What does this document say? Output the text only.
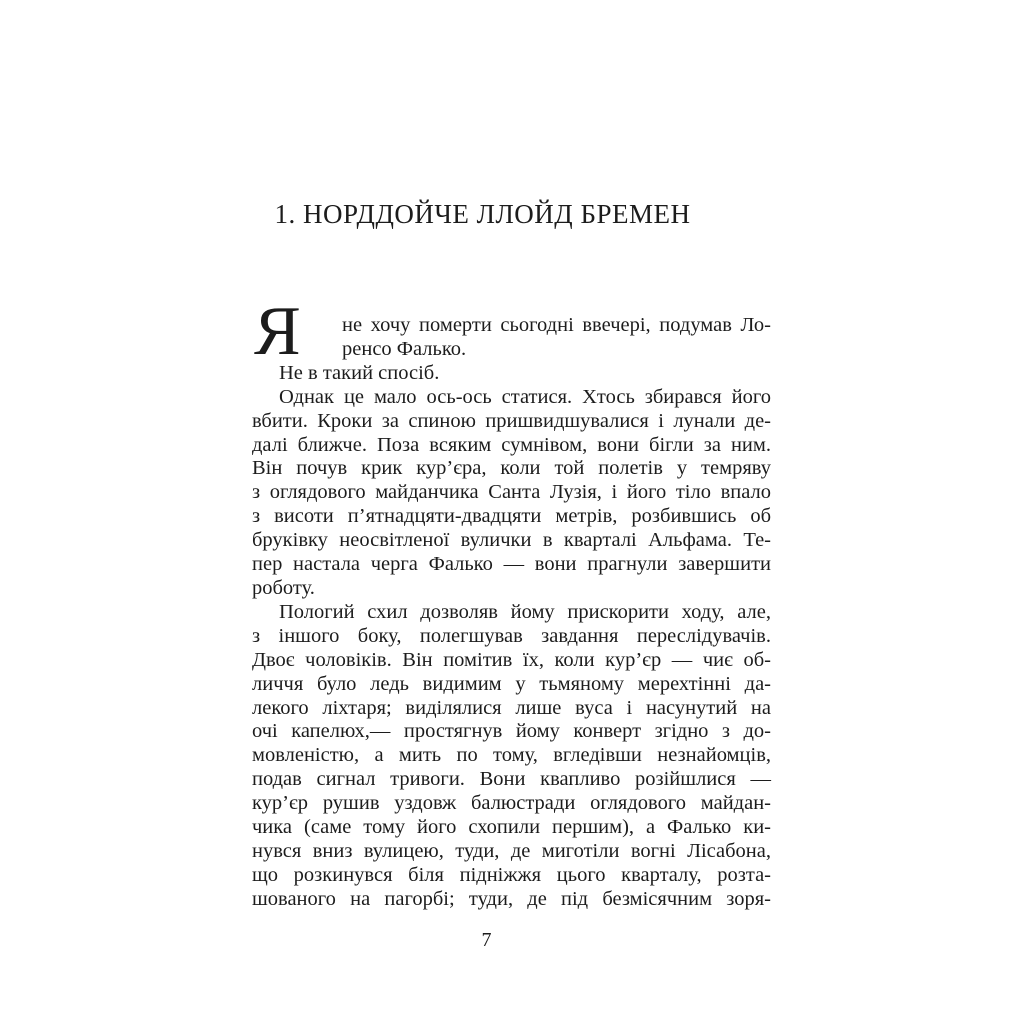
1. НОРДДОЙЧЕ ЛЛОЙД БРЕМЕН
Я	не хочу померти сьогодні ввечері, подумав Ло-
ренсо Фалько.
Не в такий спосіб.
Однак це мало ось-ось статися. Хтось збирався його
вбити. Кроки за спиною пришвидшувалися і лунали де-
далі ближче. Поза всяким сумнівом, вони бігли за ним.
Він почув крик кур’єра, коли той полетів у темряву
з оглядового майданчика Санта Лузія, і його тіло впало
з висоти п’ятнадцяти-двадцяти метрів, розбившись об
бруківку неосвітленої вулички в кварталі Альфама. Те-
пер настала черга Фалько — вони прагнули завершити
роботу.
Пологий схил дозволяв йому прискорити ходу, але,
з іншого боку, полегшував завдання переслідувачів.
Двоє чоловіків. Він помітив їх, коли кур’єр — чиє об-
личчя було ледь видимим у тьмяному мерехтінні да-
лекого ліхтаря; виділялися лише вуса і насунутий на
очі капелюх,— простягнув йому конверт згідно з до-
мовленістю, а мить по тому, вгледівши незнайомців,
подав сигнал тривоги. Вони квапливо розійшлися —
кур’єр рушив уздовж балюстради оглядового майдан-
чика (саме тому його схопили першим), а Фалько ки-
нувся вниз вулицею, туди, де миготіли вогні Лісабона,
що розкинувся біля підніжжя цього кварталу, розта-
шованого на пагорбі; туди, де під безмісячним зоря-
7
